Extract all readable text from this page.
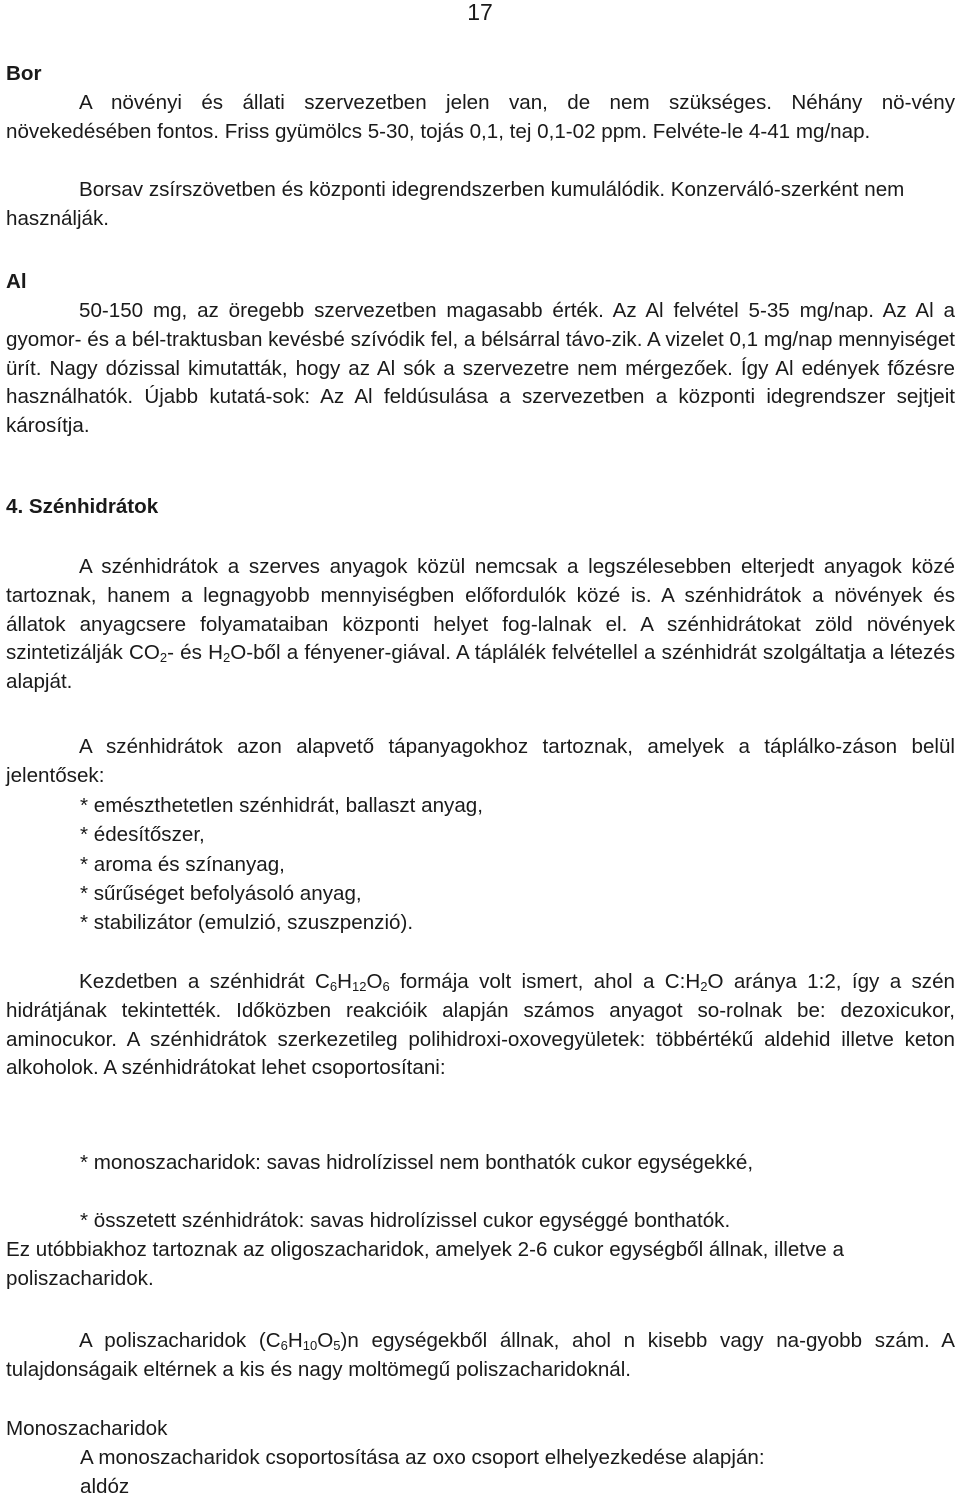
17
Bor

A növényi és állati szervezetben jelen van, de nem szükséges. Néhány nö-vény növekedésében fontos. Friss gyümölcs 5-30, tojás 0,1, tej 0,1-02 ppm. Felvéte-le 4-41 mg/nap.

Borsav zsírszövetben és központi idegrendszerben kumulálódik. Konzerváló-szerként nem használják.

Al

50-150 mg, az öregebb szervezetben magasabb érték. Az Al felvétel 5-35 mg/nap. Az Al a gyomor- és a bél-traktusban kevésbé szívódik fel, a bélsárral távo-zik. A vizelet 0,1 mg/nap mennyiséget ürít. Nagy dózissal kimutatták, hogy az Al sók a szervezetre nem mérgezőek. Így Al edények főzésre használhatók. Újabb kutatá-sok: Az Al feldúsulása a szervezetben a központi idegrendszer sejtjeit károsítja.

4. Szénhidrátok

A szénhidrátok a szerves anyagok közül nemcsak a legszélesebben elterjedt anyagok közé tartoznak, hanem a legnagyobb mennyiségben előfordulók közé is. A szénhidrátok a növények és állatok anyagcsere folyamataiban központi helyet fog-lalnak el. A szénhidrátokat zöld növények szintetizálják $CO_2-$ és $H_2O$-ből a fényener-giával. A táplálék felvétellel a szénhidrát szolgáltatja a létezés alapját.

A szénhidrátok azon alapvető tápanyagokhoz tartoznak, amelyek a táplálko-záson belül jelentősek:

* emészthetetlen szénhidrát, ballaszt anyag,
* édesítőszer,
* aroma és színanyag,
* sűrűséget befolyásoló anyag,
* stabilizátor (emulzió, szuszpenzió).

Kezdetben a szénhidrát $C_6H_{12}O_6$ formája volt ismert, ahol a $C:H_2O$ aránya 1:2, így a szén hidrátjának tekintették. Időközben reakcióik alapján számos anyagot so-rolnak be: dezoxicukor, aminocukor. A szénhidrátok szerkezetileg polihidroxi-oxovegyületek: többértékű aldehid illetve keton alkoholok. A szénhidrátokat lehet csoportosítani:

* monoszacharidok: savas hidrolízissel nem bonthatók cukor egységekké,
* összetett szénhidrátok: savas hidrolízissel cukor egységgé bonthatók.

Ez utóbbiakhoz tartoznak az oligoszacharidok, amelyek 2-6 cukor egységből állnak, illetve a poliszacharidok.

A poliszacharidok $(C_6H_{10}O_5)n$ egységekből állnak, ahol n kisebb vagy na-gyobb szám. A tulajdonságaik eltérnek a kis és nagy moltömegű poliszacharidoknál.

Monoszacharidok
A monoszacharidok csoportosítása az oxo csoport elhelyezkedése alapján:
aldóz
